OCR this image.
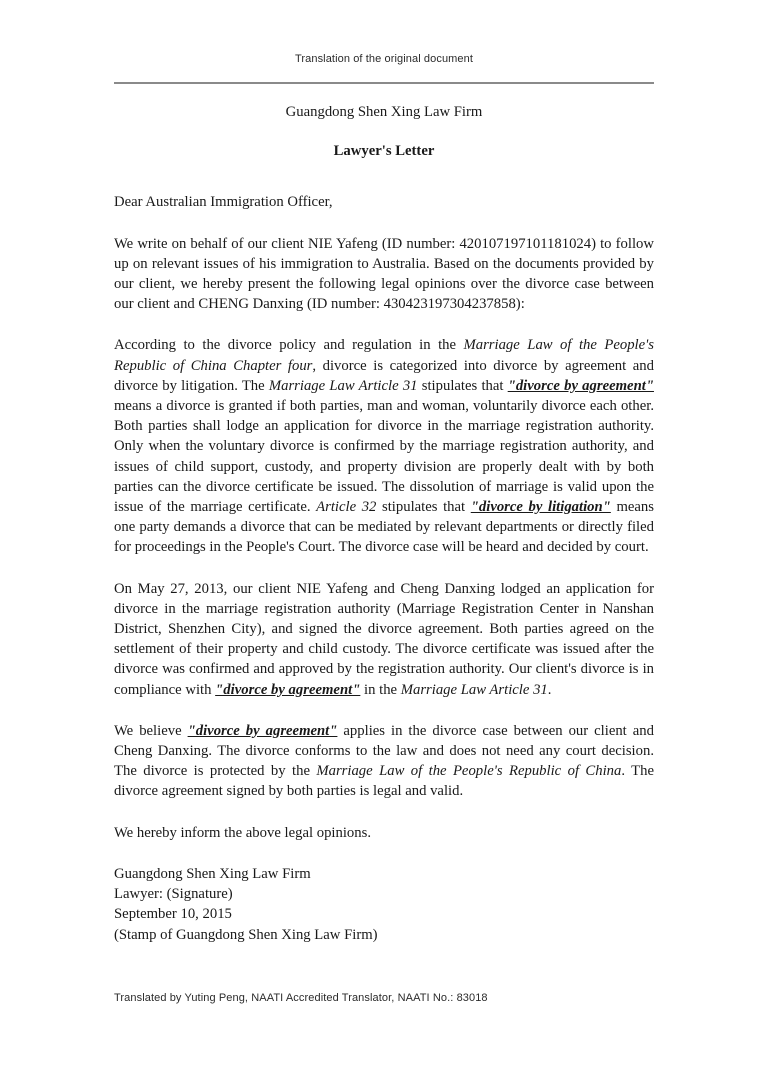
Translation of the original document
Guangdong Shen Xing Law Firm
Lawyer's Letter

Dear Australian Immigration Officer,

We write on behalf of our client NIE Yafeng (ID number: 420107197101181024) to follow up on relevant issues of his immigration to Australia. Based on the documents provided by our client, we hereby present the following legal opinions over the divorce case between our client and CHENG Danxing (ID number: 430423197304237858):

According to the divorce policy and regulation in the Marriage Law of the People's Republic of China Chapter four, divorce is categorized into divorce by agreement and divorce by litigation. The Marriage Law Article 31 stipulates that "divorce by agreement" means a divorce is granted if both parties, man and woman, voluntarily divorce each other. Both parties shall lodge an application for divorce in the marriage registration authority. Only when the voluntary divorce is confirmed by the marriage registration authority, and issues of child support, custody, and property division are properly dealt with by both parties can the divorce certificate be issued. The dissolution of marriage is valid upon the issue of the marriage certificate. Article 32 stipulates that "divorce by litigation" means one party demands a divorce that can be mediated by relevant departments or directly filed for proceedings in the People's Court. The divorce case will be heard and decided by court.

On May 27, 2013, our client NIE Yafeng and Cheng Danxing lodged an application for divorce in the marriage registration authority (Marriage Registration Center in Nanshan District, Shenzhen City), and signed the divorce agreement. Both parties agreed on the settlement of their property and child custody. The divorce certificate was issued after the divorce was confirmed and approved by the registration authority. Our client's divorce is in compliance with "divorce by agreement" in the Marriage Law Article 31.

We believe "divorce by agreement" applies in the divorce case between our client and Cheng Danxing. The divorce conforms to the law and does not need any court decision. The divorce is protected by the Marriage Law of the People's Republic of China. The divorce agreement signed by both parties is legal and valid.

We hereby inform the above legal opinions.

Guangdong Shen Xing Law Firm
Lawyer: (Signature)
September 10, 2015
(Stamp of Guangdong Shen Xing Law Firm)
Translated by Yuting Peng, NAATI Accredited Translator, NAATI No.: 83018
